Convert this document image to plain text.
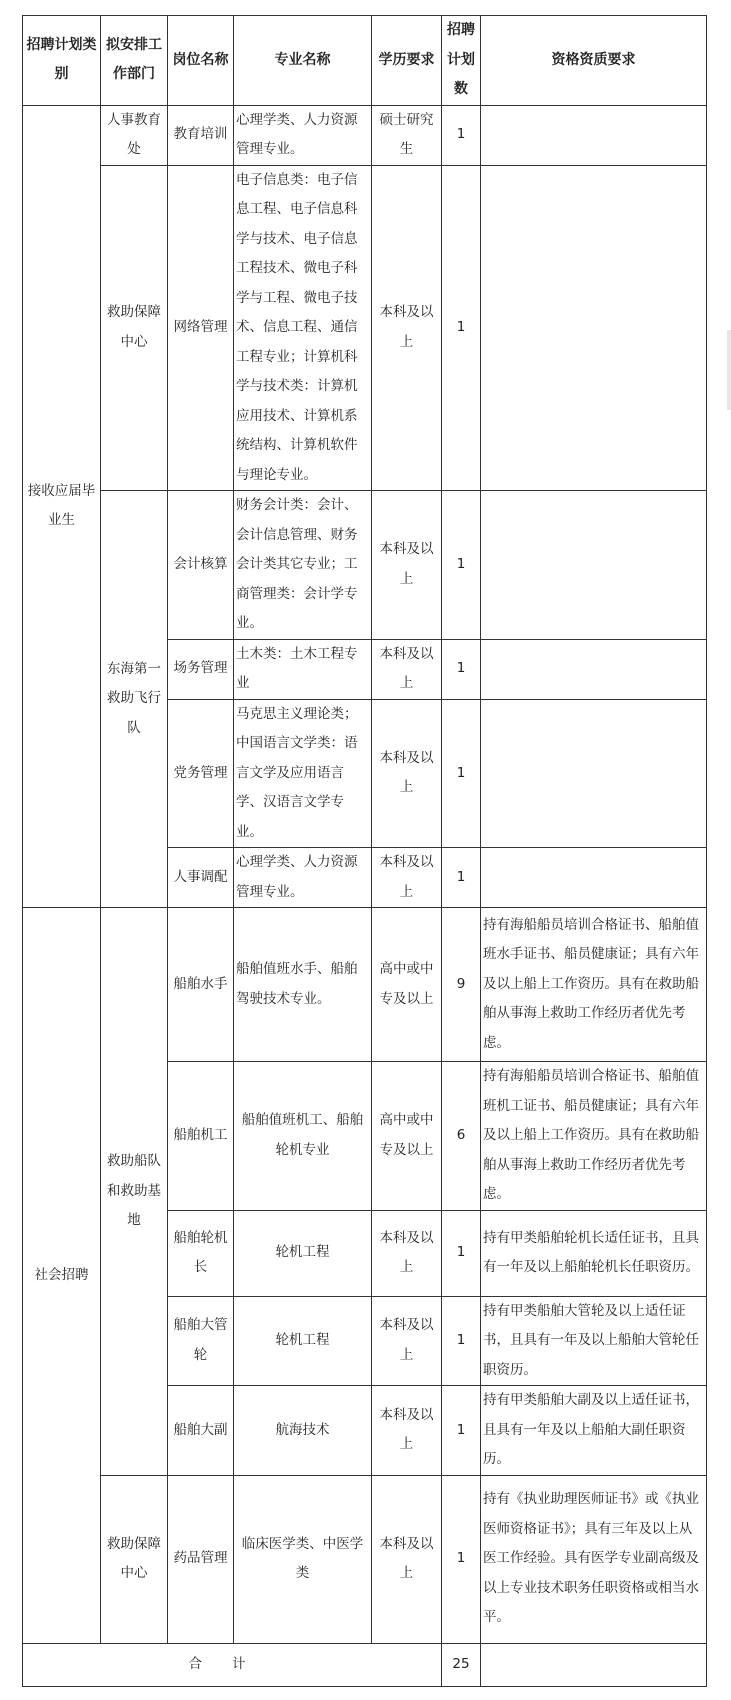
招聘计划类别	拟安排工作部门	岗位名称	专业名称	学历要求	招聘计划数	资格资质要求
接收应届毕业生	人事教育处	教育培训	心理学类、人力资源管理专业。	硕士研究生	1	
	救助保障中心	网络管理	电子信息类：电子信息工程、电子信息科学与技术、电子信息工程技术、微电子科学与工程、微电子技术、信息工程、通信工程专业；计算机科学与技术类：计算机应用技术、计算机系统结构、计算机软件与理论专业。	本科及以上	1	
	东海第一救助飞行队	会计核算	财务会计类：会计、会计信息管理、财务会计类其它专业；工商管理类：会计学专业。	本科及以上	1	
		场务管理	土木类：土木工程专业	本科及以上	1	
		党务管理	马克思主义理论类；中国语言文学类：语言文学及应用语言学、汉语言文学专业。	本科及以上	1	
		人事调配	心理学类、人力资源管理专业。	本科及以上	1	
社会招聘	救助船队和救助基地	船舶水手	船舶值班水手、船舶驾驶技术专业。	高中或中专及以上	9	持有海船船员培训合格证书、船舶值班水手证书、船员健康证；具有六年及以上船上工作资历。具有在救助船舶从事海上救助工作经历者优先考虑。
		船舶机工	船舶值班机工、船舶轮机专业	高中或中专及以上	6	持有海船船员培训合格证书、船舶值班机工证书、船员健康证；具有六年及以上船上工作资历。具有在救助船舶从事海上救助工作经历者优先考虑。
		船舶轮机长	轮机工程	本科及以上	1	持有甲类船舶轮机长适任证书，且具有一年及以上船舶轮机长任职资历。
		船舶大管轮	轮机工程	本科及以上	1	持有甲类船舶大管轮及以上适任证书，且具有一年及以上船舶大管轮任职资历。
		船舶大副	航海技术	本科及以上	1	持有甲类船舶大副及以上适任证书，且具有一年及以上船舶大副任职资历。
	救助保障中心	药品管理	临床医学类、中医学类	本科及以上	1	持有《执业助理医师证书》或《执业医师资格证书》；具有三年及以上从医工作经验。具有医学专业副高级及以上专业技术职务任职资格或相当水平。
合计					25	
